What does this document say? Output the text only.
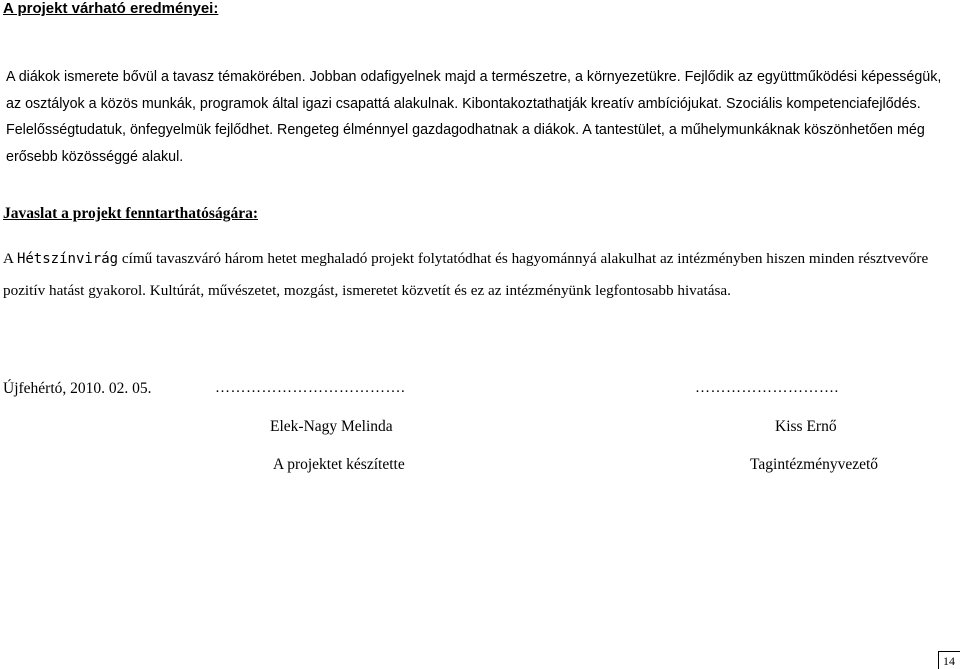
A projekt várható eredményei:
A diákok ismerete bővül a tavasz témakörében. Jobban odafigyelnek majd a természetre, a környezetükre. Fejlődik az együttműködési képességük, az osztályok a közös munkák, programok által igazi csapattá alakulnak. Kibontakoztathatják kreatív ambíciójukat. Szociális kompetenciafejlődés. Felelősségtudatuk, önfegyelmük fejlődhet. Rengeteg élménnyel gazdagodhatnak a diákok. A tantestület, a műhelymunkáknak köszönhetően még erősebb közösséggé alakul.
Javaslat a projekt fenntarthatóságára:
A Hétszínvirág című tavaszváró három hetet meghaladó projekt folytatódhat és hagyománnyá alakulhat az intézményben hiszen minden résztvevőre pozitív hatást gyakorol. Kultúrát, művészetet, mozgást, ismeretet közvetít és ez az intézményünk legfontosabb hivatása.
Újfehértó, 2010. 02. 05.	……………………………….	……………………….
Elek-Nagy Melinda	Kiss Ernő
A projektet készítette	Tagintézményvezető
14
